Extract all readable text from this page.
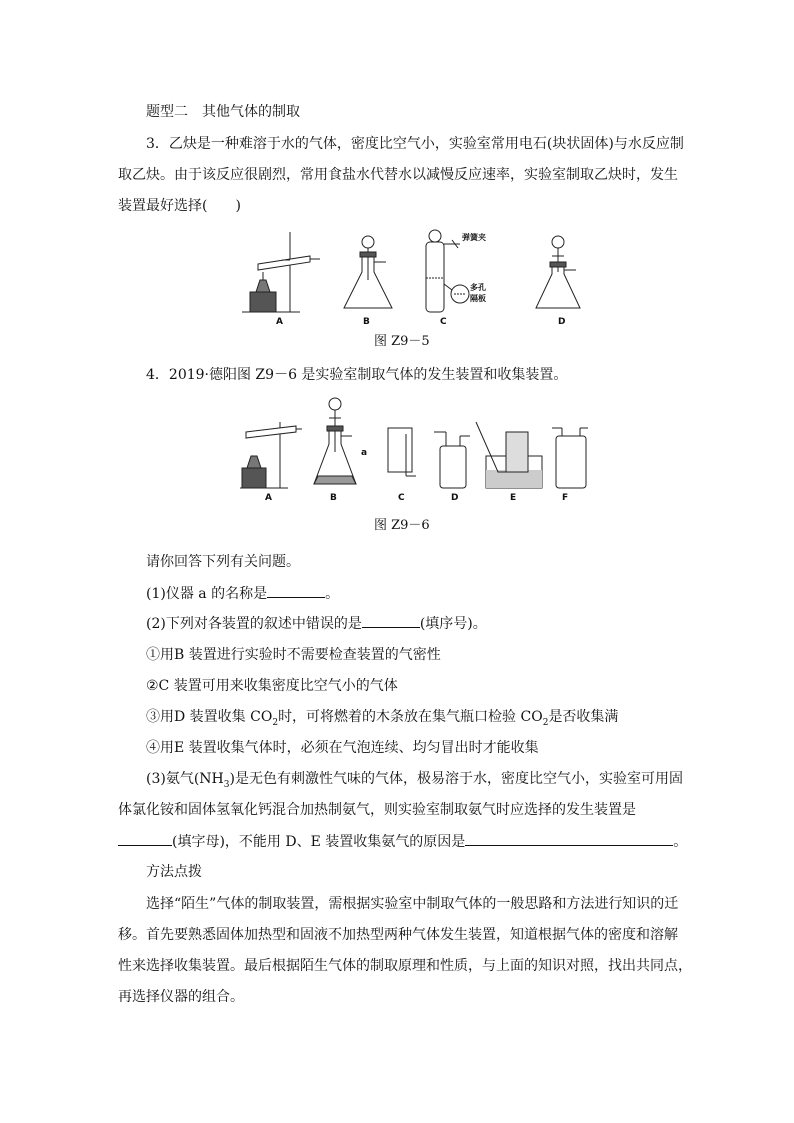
题型二　其他气体的制取
3．乙炔是一种难溶于水的气体，密度比空气小，实验室常用电石(块状固体)与水反应制
取乙炔。由于该反应很剧烈，常用食盐水代替水以减慢反应速率，实验室制取乙炔时，发生
装置最好选择(　　)
A	B	C	D
弹簧夹
多孔
隔板
图 Z9－5
4．2019·德阳图 Z9－6 是实验室制取气体的发生装置和收集装置。
a
A	B	C	D	E	F
图 Z9－6
请你回答下列有关问题。
(1)仪器 a 的名称是	。
(2)下列对各装置的叙述中错误的是	(填序号)。
①用B 装置进行实验时不需要检查装置的气密性
②C 装置可用来收集密度比空气小的气体
③用D 装置收集 $CO_2$时，可将燃着的木条放在集气瓶口检验 $CO_2$是否收集满
④用E 装置收集气体时，必须在气泡连续、均匀冒出时才能收集
(3)氨气$(NH_3)$是无色有刺激性气味的气体，极易溶于水，密度比空气小，实验室可用固
体氯化铵和固体氢氧化钙混合加热制氨气，则实验室制取氨气时应选择的发生装置是
(填字母)，不能用 D、E 装置收集氨气的原因是	。
方法点拨
选择“陌生”气体的制取装置，需根据实验室中制取气体的一般思路和方法进行知识的迁
移。首先要熟悉固体加热型和固液不加热型两种气体发生装置，知道根据气体的密度和溶解
性来选择收集装置。最后根据陌生气体的制取原理和性质，与上面的知识对照，找出共同点，
再选择仪器的组合。
